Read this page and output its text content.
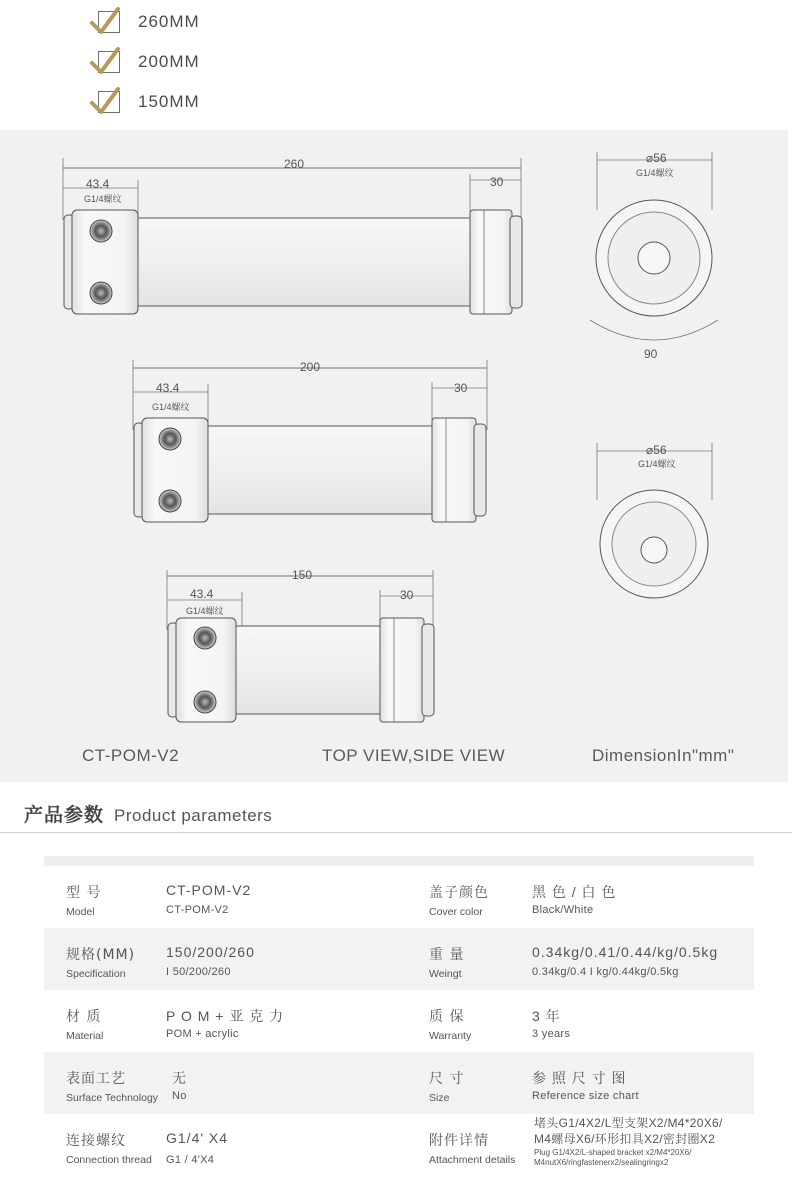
260MM
200MM
150MM
260
43.4
G1/4螺纹
30
⌀56
G1/4螺纹
90
200
43.4
G1/4螺纹
30
⌀56
G1/4螺纹
150
43.4
G1/4螺纹
30
CT-POM-V2	TOP VIEW,SIDE VIEW	DimensionIn"mm"
产品参数 Product parameters
型 号
Model
CT-POM-V2
CT-POM-V2
盖子颜色
Cover color
黑 色 / 白 色
Black/White
规格(MM)
Specification
150/200/260
I 50/200/260
重 量
Weingt
0.34kg/0.41/0.44/kg/0.5kg
0.34kg/0.4 I kg/0.44kg/0.5kg
材 质
Material
P O M + 亚 克 力
POM + acrylic
质 保
Warranty
3 年
3 years
表面工艺
Surface Technology
无
No
尺 寸
Size
参 照 尺 寸 图
Reference size chart
连接螺纹
Connection thread
G1/4' X4
G1 / 4'X4
附件详情
Attachment details
堵头G1/4X2/L型支架X2/M4*20X6/
M4螺母X6/环形扣具X2/密封圈X2
Plug G1/4X2/L-shaped bracket x2/M4*20X6/
M4nutX6/ringfastenerx2/sealingringx2
